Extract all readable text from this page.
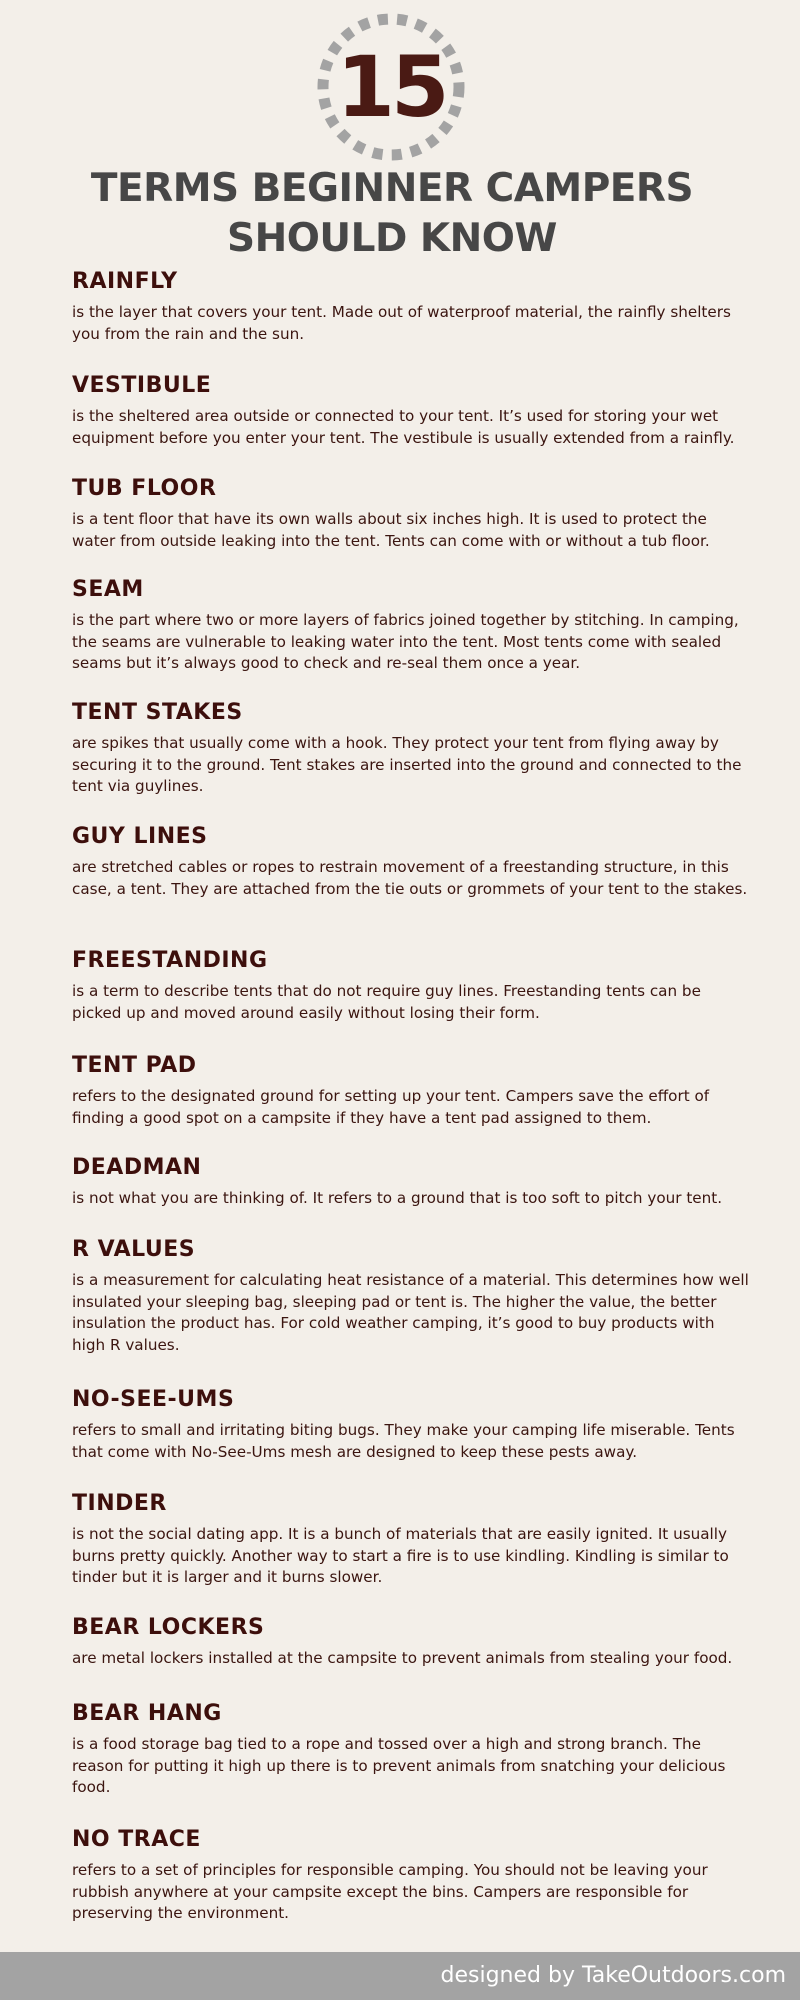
15
TERMS BEGINNER CAMPERS
SHOULD KNOW
RAINFLY
is the layer that covers your tent. Made out of waterproof material, the rainfly shelters you from the rain and the sun.
VESTIBULE
is the sheltered area outside or connected to your tent. It’s used for storing your wet equipment before you enter your tent. The vestibule is usually extended from a rainfly.
TUB FLOOR
is a tent floor that have its own walls about six inches high. It is used to protect the water from outside leaking into the tent. Tents can come with or without a tub floor.
SEAM
is the part where two or more layers of fabrics joined together by stitching. In camping, the seams are vulnerable to leaking water into the tent. Most tents come with sealed seams but it’s always good to check and re-seal them once a year.
TENT STAKES
are spikes that usually come with a hook. They protect your tent from flying away by securing it to the ground. Tent stakes are inserted into the ground and connected to the tent via guylines.
GUY LINES
are stretched cables or ropes to restrain movement of a freestanding structure, in this case, a tent. They are attached from the tie outs or grommets of your tent to the stakes.
FREESTANDING
is a term to describe tents that do not require guy lines. Freestanding tents can be picked up and moved around easily without losing their form.
TENT PAD
refers to the designated ground for setting up your tent. Campers save the effort of finding a good spot on a campsite if they have a tent pad assigned to them.
DEADMAN
is not what you are thinking of. It refers to a ground that is too soft to pitch your tent.
R VALUES
is a measurement for calculating heat resistance of a material. This determines how well insulated your sleeping bag, sleeping pad or tent is. The higher the value, the better insulation the product has. For cold weather camping, it’s good to buy products with high R values.
NO-SEE-UMS
refers to small and irritating biting bugs. They make your camping life miserable. Tents that come with No-See-Ums mesh are designed to keep these pests away.
TINDER
is not the social dating app. It is a bunch of materials that are easily ignited. It usually burns pretty quickly. Another way to start a fire is to use kindling. Kindling is similar to tinder but it is larger and it burns slower.
BEAR LOCKERS
are metal lockers installed at the campsite to prevent animals from stealing your food.
BEAR HANG
is a food storage bag tied to a rope and tossed over a high and strong branch. The reason for putting it high up there is to prevent animals from snatching your delicious food.
NO TRACE
refers to a set of principles for responsible camping. You should not be leaving your rubbish anywhere at your campsite except the bins. Campers are responsible for preserving the environment.
designed by TakeOutdoors.com
